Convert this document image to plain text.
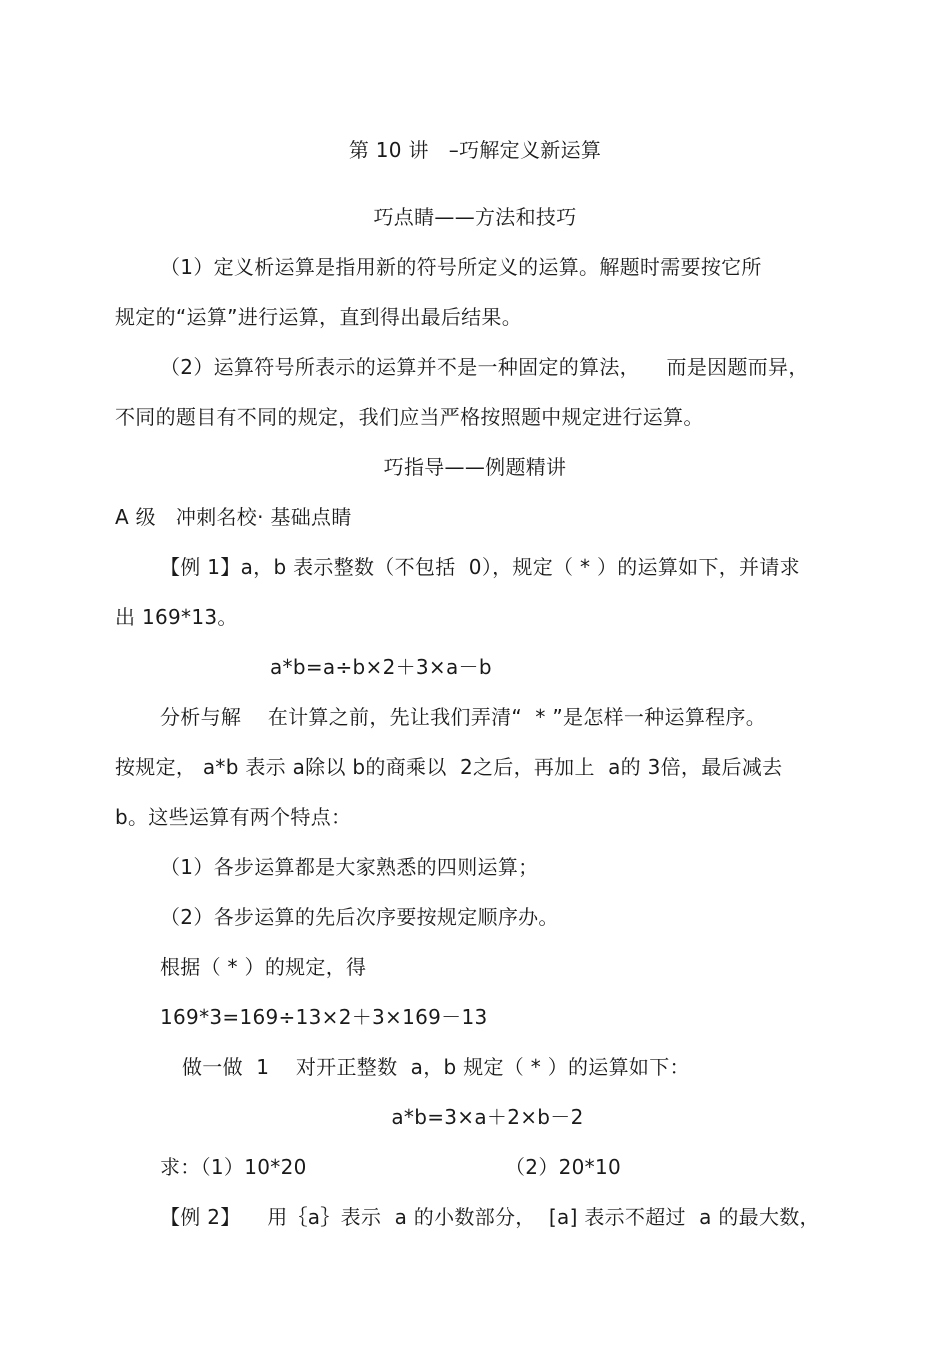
第 10 讲   –巧解定义新运算
巧点睛——方法和技巧
（1）定义析运算是指用新的符号所定义的运算。解题时需要按它所
规定的“运算”进行运算，直到得出最后结果。
（2）运算符号所表示的运算并不是一种固定的算法，    而是因题而异，
不同的题目有不同的规定，我们应当严格按照题中规定进行运算。
巧指导——例题精讲
A 级   冲刺名校· 基础点睛
【例 1】a，b 表示整数（不包括  0），规定（ * ）的运算如下，并请求
出 169*13。
a*b=a÷b×2＋3×a－b
分析与解    在计算之前，先让我们弄清“  * ”是怎样一种运算程序。
按规定， a*b 表示 a除以 b的商乘以  2之后，再加上  a的 3倍，最后减去
b。这些运算有两个特点：
（1）各步运算都是大家熟悉的四则运算；
（2）各步运算的先后次序要按规定顺序办。
根据（ * ）的规定，得
169*3=169÷13×2＋3×169－13
做一做  1    对开正整数  a，b 规定（ * ）的运算如下：
a*b=3×a＋2×b－2
求：（1）10*20	（2）20*10
【例 2】    用｛a｝表示  a 的小数部分，  [a] 表示不超过  a 的最大数，
